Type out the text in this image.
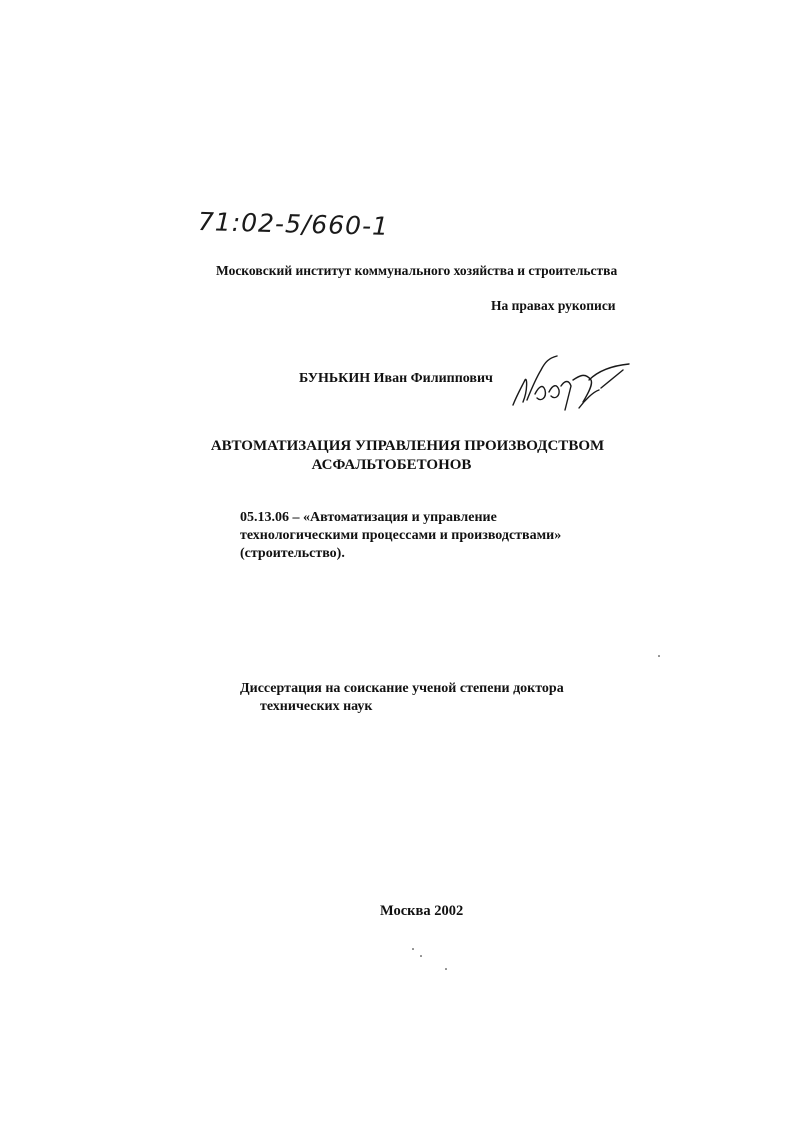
71:02-5/660-1
Московский институт коммунального хозяйства и строительства
На правах рукописи
БУНЬКИН Иван Филиппович
АВТОМАТИЗАЦИЯ УПРАВЛЕНИЯ ПРОИЗВОДСТВОМ
АСФАЛЬТОБЕТОНОВ
05.13.06 – «Автоматизация и управление
технологическими процессами и производствами»
(строительство).
Диссертация на соискание ученой степени доктора
технических наук
Москва 2002
